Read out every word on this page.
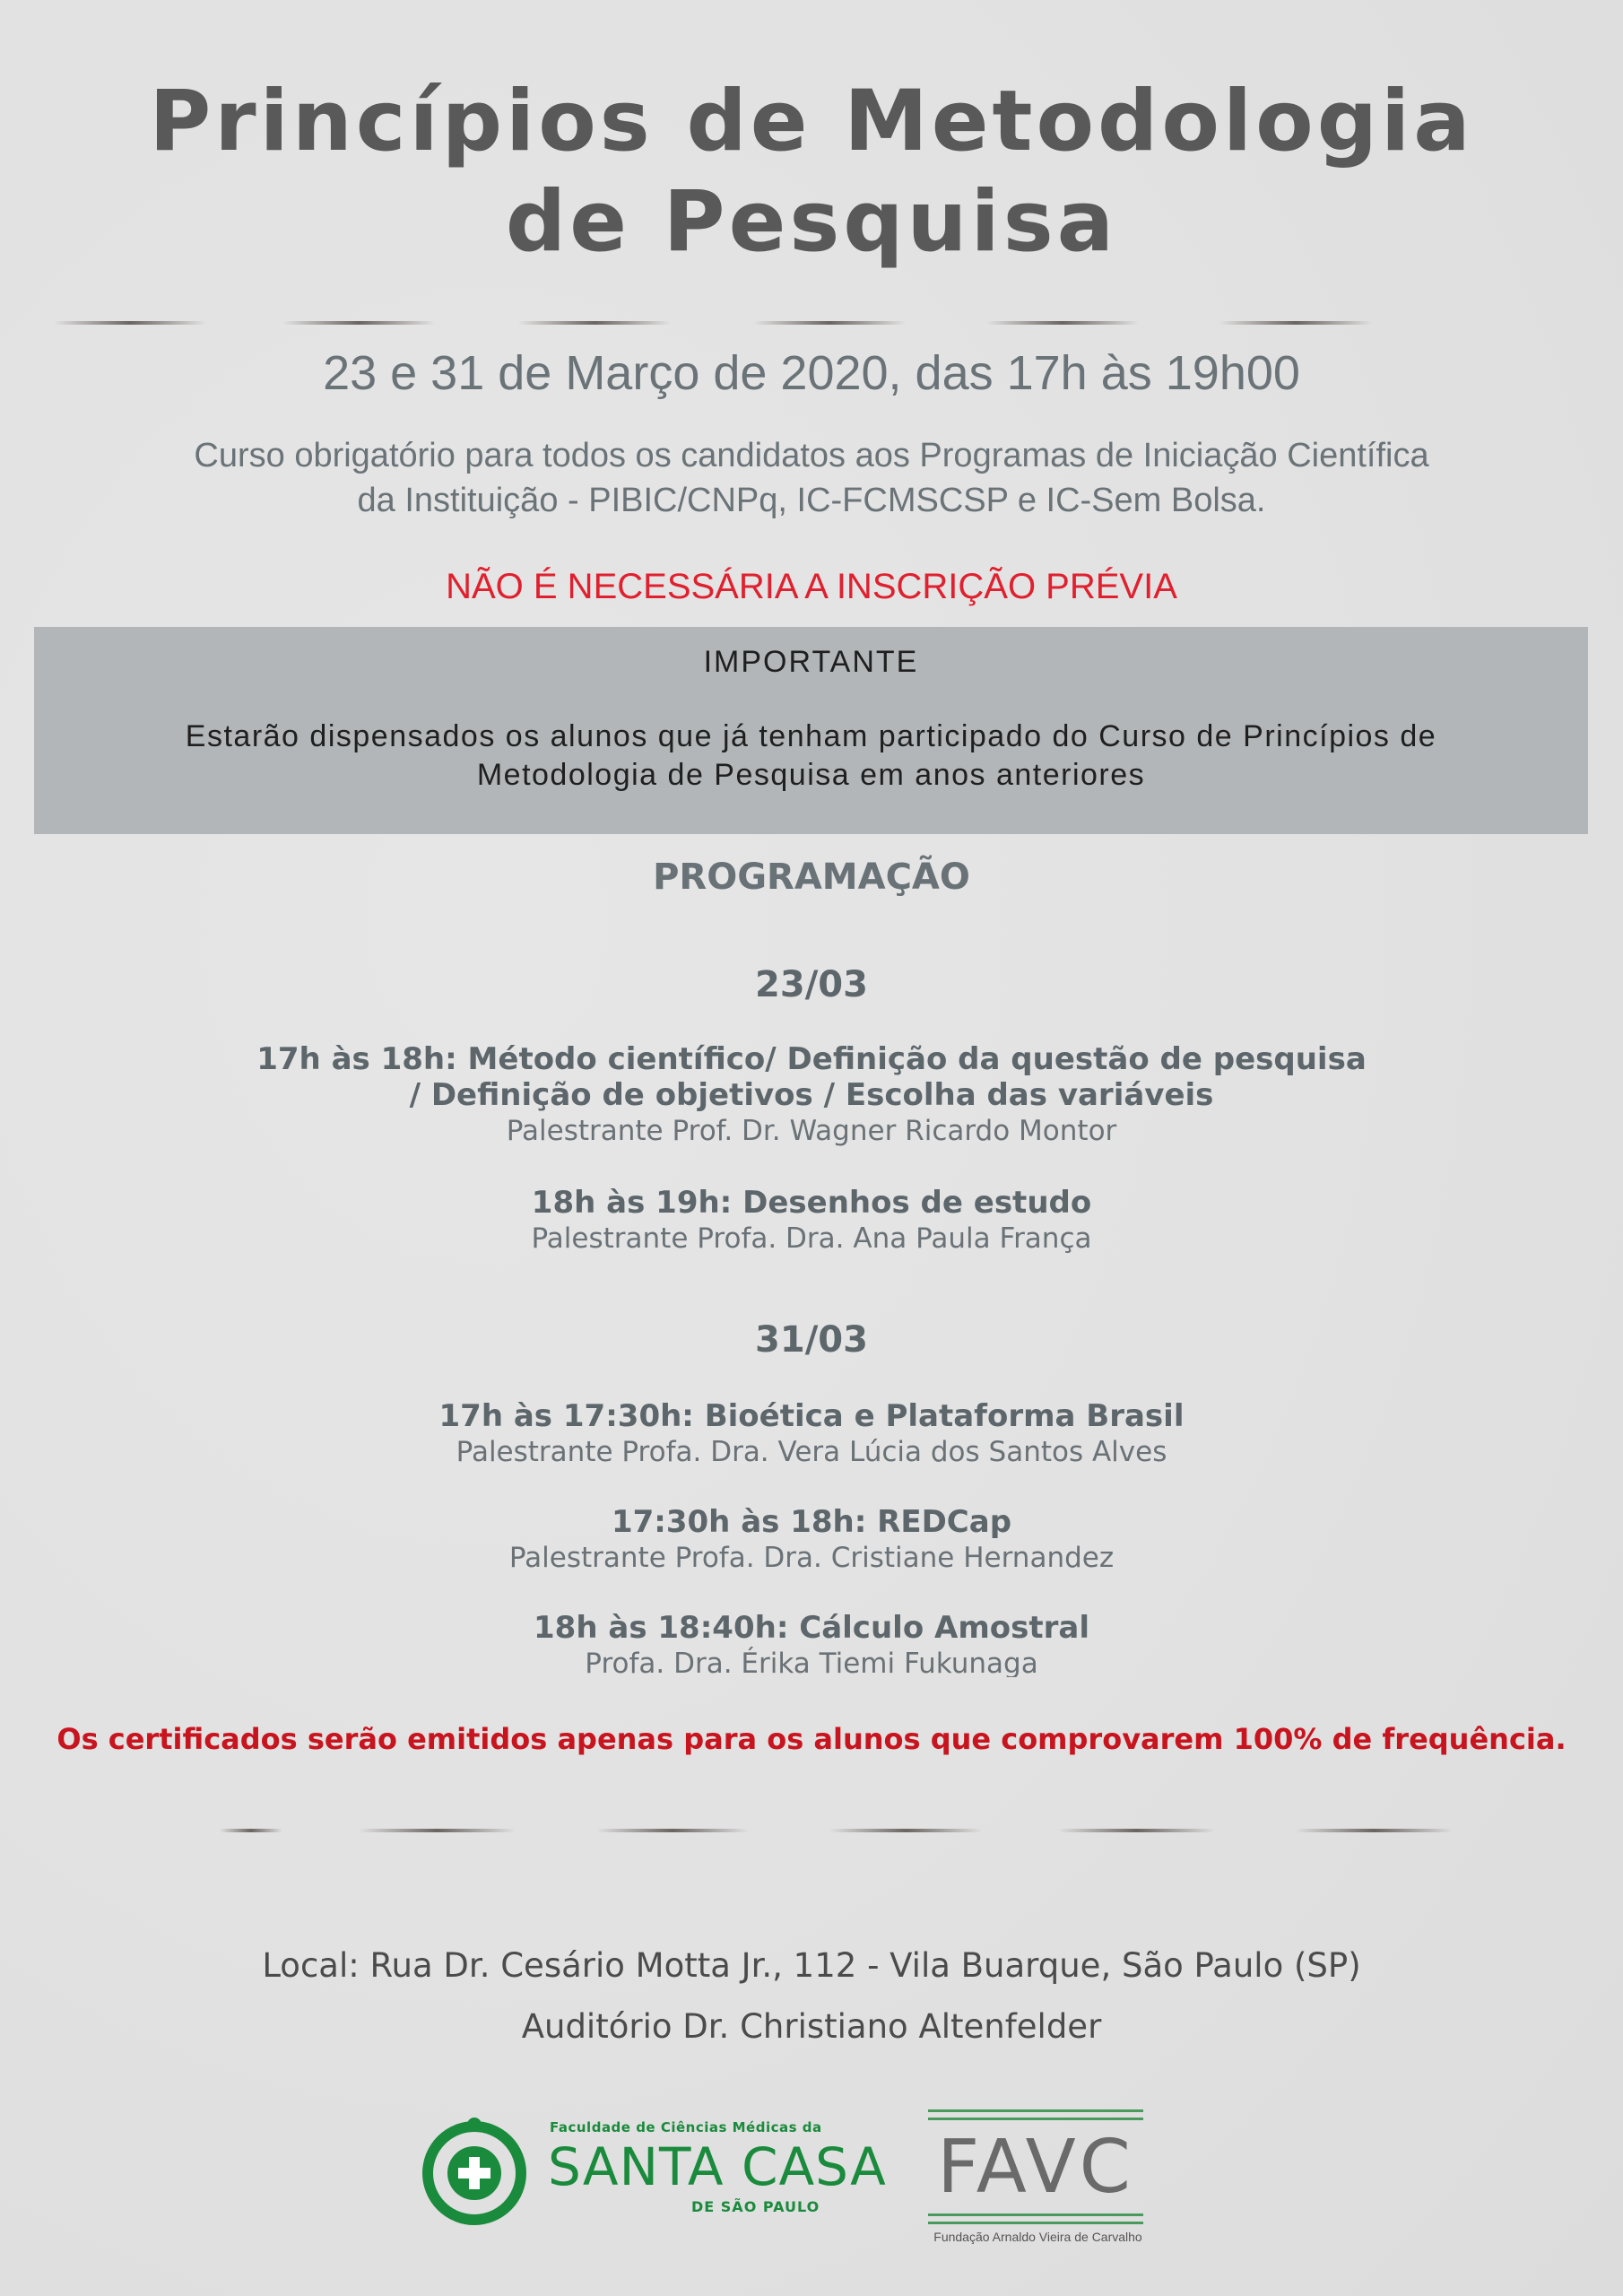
Princípios de Metodologia
de Pesquisa
23 e 31 de Março de 2020, das 17h às 19h00
Curso obrigatório para todos os candidatos aos Programas de Iniciação Científica
da Instituição - PIBIC/CNPq, IC-FCMSCSP e IC-Sem Bolsa.
NÃO É NECESSÁRIA A INSCRIÇÃO PRÉVIA
IMPORTANTE
Estarão dispensados os alunos que já tenham participado do Curso de Princípios de
Metodologia de Pesquisa em anos anteriores
PROGRAMAÇÃO
23/03
17h às 18h: Método científico/ Definição da questão de pesquisa
/ Definição de objetivos / Escolha das variáveis
Palestrante Prof. Dr. Wagner Ricardo Montor
18h às 19h: Desenhos de estudo
Palestrante Profa. Dra. Ana Paula França
31/03
17h às 17:30h: Bioética e Plataforma Brasil
Palestrante Profa. Dra. Vera Lúcia dos Santos Alves
17:30h às 18h: REDCap
Palestrante Profa. Dra. Cristiane Hernandez
18h às 18:40h: Cálculo Amostral
Profa. Dra. Érika Tiemi Fukunaga
Os certificados serão emitidos apenas para os alunos que comprovarem 100% de frequência.
Local: Rua Dr. Cesário Motta Jr., 112 - Vila Buarque, São Paulo (SP)
Auditório Dr. Christiano Altenfelder
Faculdade de Ciências Médicas da
SANTA CASA
DE SÃO PAULO FAVC
Fundação Arnaldo Vieira de Carvalho
